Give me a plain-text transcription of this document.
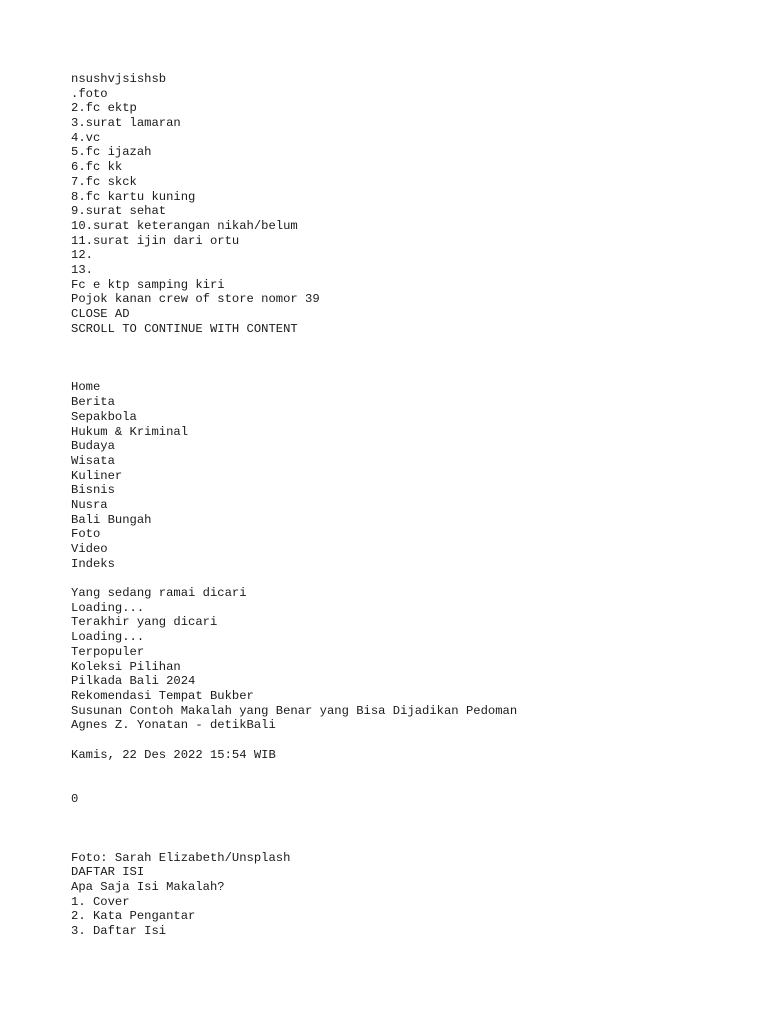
nsushvjsishsb
.foto
2.fc ektp
3.surat lamaran
4.vc
5.fc ijazah
6.fc kk
7.fc skck
8.fc kartu kuning
9.surat sehat
10.surat keterangan nikah/belum
11.surat ijin dari ortu
12.
13.
Fc e ktp samping kiri
Pojok kanan crew of store nomor 39
CLOSE AD
SCROLL TO CONTINUE WITH CONTENT
Home
Berita
Sepakbola
Hukum & Kriminal
Budaya
Wisata
Kuliner
Bisnis
Nusra
Bali Bungah
Foto
Video
Indeks
Yang sedang ramai dicari
Loading...
Terakhir yang dicari
Loading...
Terpopuler
Koleksi Pilihan
Pilkada Bali 2024
Rekomendasi Tempat Bukber
Susunan Contoh Makalah yang Benar yang Bisa Dijadikan Pedoman
Agnes Z. Yonatan - detikBali
Kamis, 22 Des 2022 15:54 WIB
0
Foto: Sarah Elizabeth/Unsplash
DAFTAR ISI
Apa Saja Isi Makalah?
1. Cover
2. Kata Pengantar
3. Daftar Isi
